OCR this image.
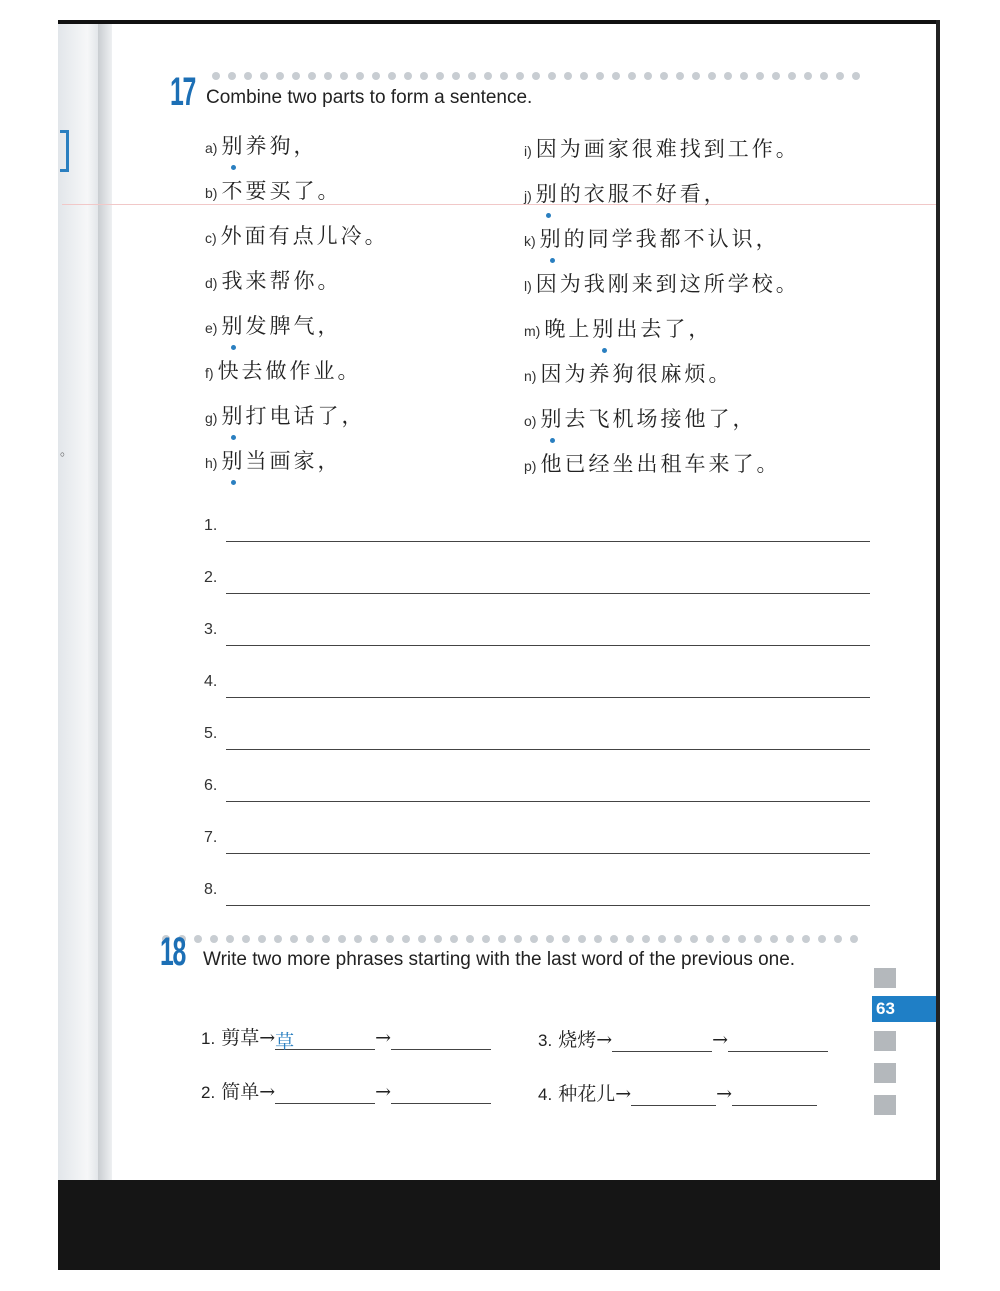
。
17 Combine two parts to form a sentence.
a) 别养狗，
b) 不要买了。
c) 外面有点儿冷。
d) 我来帮你。
e) 别发脾气，
f) 快去做作业。
g) 别打电话了，
h) 别当画家，
i) 因为画家很难找到工作。
j) 别的衣服不好看，
k) 别的同学我都不认识，
l) 因为我刚来到这所学校。
m) 晚上别出去了，
n) 因为养狗很麻烦。
o) 别去飞机场接他了，
p) 他已经坐出租车来了。
1.
2.
3.
4.
5.
6.
7.
8.
18 Write two more phrases starting with the last word of the previous one.
1. 剪草→草	→	3. 烧烤→	→
2. 简单→	→	4. 种花儿→	→
63
